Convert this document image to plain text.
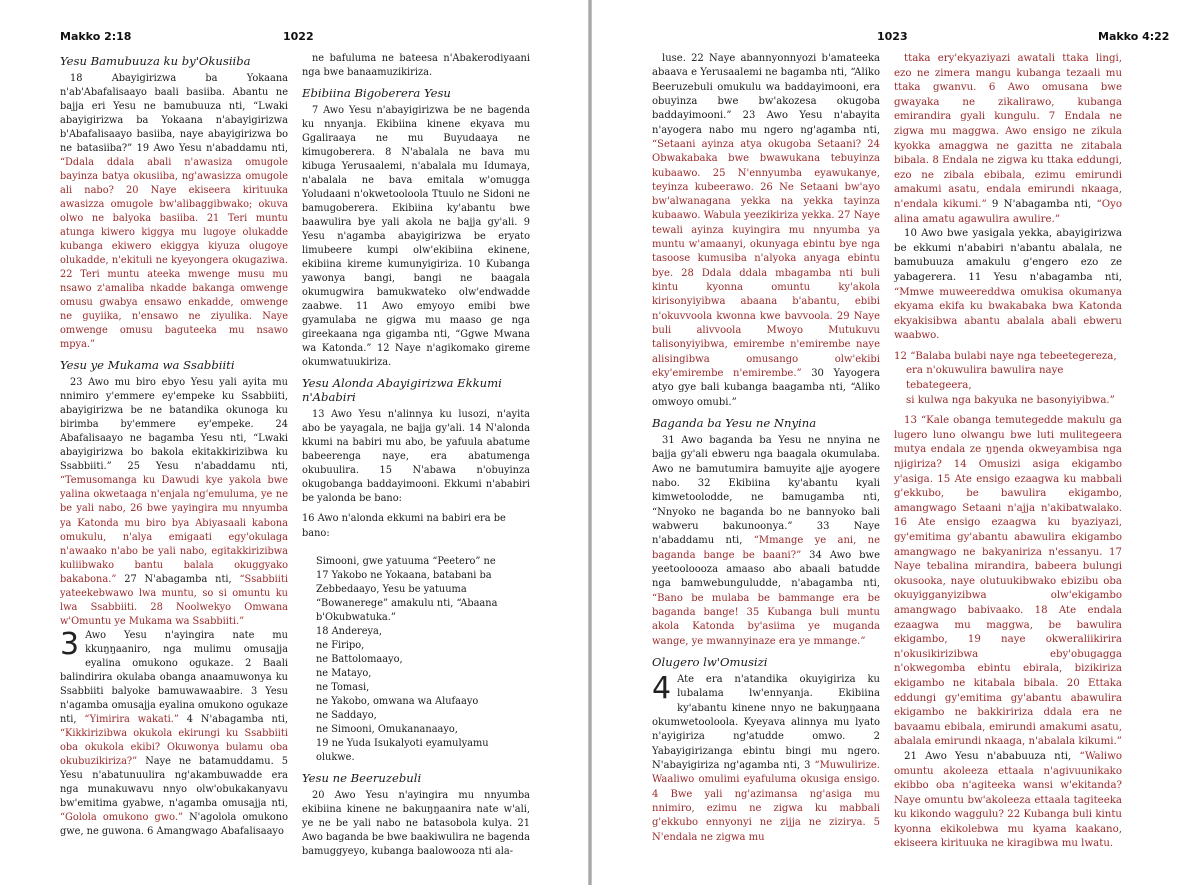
Makko 2:18	1022

Yesu Bamubuuza ku by'Okusiiba

18 Abayigirizwa ba Yokaana n'ab'Abafalisaayo baali basiiba. Abantu ne bajja eri Yesu ne bamubuuza nti, “Lwaki abayigirizwa ba Yokaana n'abayigirizwa b'Abafalisaayo basiiba, naye abayigirizwa bo ne batasiiba?” 19 Awo Yesu n'abaddamu nti, “Ddala ddala abali n'awasiza omugole bayinza batya okusiiba, ng'awasizza omugole ali nabo? 20 Naye ekiseera kirituuka awasizza omugole bw'alibaggibwako; okuva olwo ne balyoka basiiba. 21 Teri muntu atunga kiwero kiggya mu lugoye olukadde kubanga ekiwero ekiggya kiyuza olugoye olukadde, n'ekituli ne kyeyongera okugaziwa. 22 Teri muntu ateeka mwenge musu mu nsawo z'amaliba nkadde bakanga omwenge omusu gwabya ensawo enkadde, omwenge ne guyiika, n'ensawo ne ziyulika. Naye omwenge omusu baguteeka mu nsawo mpya.”

Yesu ye Mukama wa Ssabbiiti

23 Awo mu biro ebyo Yesu yali ayita mu nnimiro y'emmere ey'empeke ku Ssabbiiti, abayigirizwa be ne batandika okunoga ku birimba by'emmere ey'empeke. 24 Abafalisaayo ne bagamba Yesu nti, “Lwaki abayigirizwa bo bakola ekitakkirizibwa ku Ssabbiiti.” 25 Yesu n'abaddamu nti, “Temusomanga ku Dawudi kye yakola bwe yalina okwetaaga n'enjala ng'emuluma, ye ne be yali nabo, 26 bwe yayingira mu nnyumba ya Katonda mu biro bya Abiyasaali kabona omukulu, n'alya emigaati egy'okulaga n'awaako n'abo be yali nabo, egitakkirizibwa kuliibwako bantu balala okuggyako bakabona.” 27 N'abagamba nti, “Ssabbiiti yateekebwawo lwa muntu, so si omuntu ku lwa Ssabbiiti. 28 Noolwekyo Omwana w'Omuntu ye Mukama wa Ssabbiiti.”

3 Awo Yesu n'ayingira nate mu kkuŋŋaaniro, nga mulimu omusajja eyalina omukono ogukaze. 2 Baali balindirira okulaba obanga anaamuwonya ku Ssabbiiti balyoke bamuwawaabire. 3 Yesu n'agamba omusajja eyalina omukono ogukaze nti, “Yimirira wakati.” 4 N'abagamba nti, “Kikkirizibwa okukola ekirungi ku Ssabbiiti oba okukola ekibi? Okuwonya bulamu oba okubuzikiriza?” Naye ne batamuddamu. 5 Yesu n'abatunuulira ng'akambuwadde era nga munakuwavu nnyo olw'obukakanyavu bw'emitima gyabwe, n'agamba omusajja nti, “Golola omukono gwo.” N'agolola omukono gwe, ne guwona. 6 Amangwago Abafalisaayo

ne bafuluma ne bateesa n'Abakerodiyaani nga bwe banaamuzikiriza.

Ebibiina Bigoberera Yesu

7 Awo Yesu n'abayigirizwa be ne bagenda ku nnyanja. Ekibiina kinene ekyava mu Ggaliraaya ne mu Buyudaaya ne kimugoberera. 8 N'abalala ne bava mu kibuga Yerusaalemi, n'abalala mu Idumaya, n'abalala ne bava emitala w'omugga Yoludaani n'okwetooloola Ttuulo ne Sidoni ne bamugoberera. Ekibiina ky'abantu bwe baawulira bye yali akola ne bajja gy'ali. 9 Yesu n'agamba abayigirizwa be eryato limubeere kumpi olw'ekibiina ekinene, ekibiina kireme kumunyigiriza. 10 Kubanga yawonya bangi, bangi ne baagala okumugwira bamukwateko olw'endwadde zaabwe. 11 Awo emyoyo emibi bwe gyamulaba ne gigwa mu maaso ge nga gireekaana nga gigamba nti, “Ggwe Mwana wa Katonda.” 12 Naye n'agikomako gireme okumwatuukiriza.

Yesu Alonda Abayigirizwa Ekkumi n'Ababiri

13 Awo Yesu n'alinnya ku lusozi, n'ayita abo be yayagala, ne bajja gy'ali. 14 N'alonda kkumi na babiri mu abo, be yafuula abatume babeerenga naye, era abatumenga okubuulira. 15 N'abawa n'obuyinza okugobanga baddayimooni. Ekkumi n'ababiri be yalonda be bano:

16 Awo n'alonda ekkumi na babiri era be bano:

Simooni, gwe yatuuma “Peetero” ne
17 Yakobo ne Yokaana, batabani ba Zebbedaayo, Yesu be yatuuma “Bowanerege” amakulu nti, “Abaana b'Okubwatuka.”
18 Andereya,
ne Firipo,
ne Battolomaayo,
ne Matayo,
ne Tomasi,
ne Yakobo, omwana wa Alufaayo
ne Saddayo,
ne Simooni, Omukananaayo,
19 ne Yuda Isukalyoti eyamulyamu olukwe.

Yesu ne Beeruzebuli

20 Awo Yesu n'ayingira mu nnyumba ekibiina kinene ne bakuŋŋaanira nate w'ali, ye ne be yali nabo ne batasobola kulya. 21 Awo baganda be bwe baakiwulira ne bagenda bamuggyeyo, kubanga baalowooza nti ala-

1023	Makko 4:22

luse. 22 Naye abannyonnyozi b'amateeka abaava e Yerusaalemi ne bagamba nti, “Aliko Beeruzebuli omukulu wa baddayimooni, era obuyinza bwe bw'akozesa okugoba baddayimooni.” 23 Awo Yesu n'abayita n'ayogera nabo mu ngero ng'agamba nti, “Setaani ayinza atya okugoba Setaani? 24 Obwakabaka bwe bwawukana tebuyinza kubaawo. 25 N'ennyumba eyawukanye, teyinza kubeerawo. 26 Ne Setaani bw'ayo bw'alwanagana yekka na yekka tayinza kubaawo. Wabula yeezikiriza yekka. 27 Naye tewali ayinza kuyingira mu nnyumba ya muntu w'amaanyi, okunyaga ebintu bye nga tasoose kumusiba n'alyoka anyaga ebintu bye. 28 Ddala ddala mbagamba nti buli kintu kyonna omuntu ky'akola kirisonyiyibwa abaana b'abantu, ebibi n'okuvvoola kwonna kwe bavvoola. 29 Naye buli alivvoola Mwoyo Mutukuvu talisonyiyibwa, emirembe n'emirembe naye alisingibwa omusango olw'ekibi eky'emirembe n'emirembe.” 30 Yayogera atyo gye bali kubanga baagamba nti, “Aliko omwoyo omubi.”

Baganda ba Yesu ne Nnyina

31 Awo baganda ba Yesu ne nnyina ne bajja gy'ali ebweru nga baagala okumulaba. Awo ne bamutumira bamuyite ajje ayogere nabo. 32 Ekibiina ky'abantu kyali kimwetoolodde, ne bamugamba nti, “Nnyoko ne baganda bo ne bannyoko bali wabweru bakunoonya.” 33 Naye n'abaddamu nti, “Mmange ye ani, ne baganda bange be baani?” 34 Awo bwe yeetooloooza amaaso abo abaali batudde nga bamwebunguludde, n'abagamba nti, “Bano be mulaba be bammange era be baganda bange! 35 Kubanga buli muntu akola Katonda by'asiima ye muganda wange, ye mwannyinaze era ye mmange.”

Olugero lw'Omusizi

4 Ate era n'atandika okuyigiriza ku lubalama lw'ennyanja. Ekibiina ky'abantu kinene nnyo ne bakuŋŋaana okumwetooloola. Kyeyava alinnya mu lyato n'ayigiriza ng'atudde omwo. 2 Yabayigirizanga ebintu bingi mu ngero. N'abayigiriza ng'agamba nti, 3 “Muwulirize. Waaliwo omulimi eyafuluma okusiga ensigo. 4 Bwe yali ng'azimansa ng'asiga mu nnimiro, ezimu ne zigwa ku mabbali g'ekkubo ennyonyi ne zijja ne zizirya. 5 N'endala ne zigwa mu

ttaka ery'ekyaziyazi awatali ttaka lingi, ezo ne zimera mangu kubanga tezaali mu ttaka gwanvu. 6 Awo omusana bwe gwayaka ne zikalirawo, kubanga emirandira gyali kungulu. 7 Endala ne zigwa mu maggwa. Awo ensigo ne zikula kyokka amaggwa ne gazitta ne zitabala bibala. 8 Endala ne zigwa ku ttaka eddungi, ezo ne zibala ebibala, ezimu emirundi amakumi asatu, endala emirundi nkaaga, n'endala kikumi.” 9 N'abagamba nti, “Oyo alina amatu agawulira awulire.”

10 Awo bwe yasigala yekka, abayigirizwa be ekkumi n'ababiri n'abantu abalala, ne bamubuuza amakulu g'engero ezo ze yabagerera. 11 Yesu n'abagamba nti, “Mmwe muweereddwa omukisa okumanya ekyama ekifa ku bwakabaka bwa Katonda ekyakisibwa abantu abalala abali ebweru waabwo.

12 “Balaba bulabi naye nga tebeetegereza,
era n'okuwulira bawulira naye tebategeera,
si kulwa nga bakyuka ne basonyiyibwa.”

13 “Kale obanga temutegedde makulu ga lugero luno olwangu bwe luti mulitegeera mutya endala ze ŋŋenda okweyambisa nga njigiriza? 14 Omusizi asiga ekigambo y'asiga. 15 Ate ensigo ezaagwa ku mabbali g'ekkubo, be bawulira ekigambo, amangwago Setaani n'ajja n'akibatwalako. 16 Ate ensigo ezaagwa ku byaziyazi, gy'emitima gy'abantu abawulira ekigambo amangwago ne bakyaniriza n'essanyu. 17 Naye tebalina mirandira, babeera bulungi okusooka, naye olutuukibwako ebizibu oba okuyigganyizibwa olw'ekigambo amangwago babivaako. 18 Ate endala ezaagwa mu maggwa, be bawulira ekigambo, 19 naye okweraliikirira n'okusikirizibwa eby'obugagga n'okwegomba ebintu ebirala, bizikiriza ekigambo ne kitabala bibala. 20 Ettaka eddungi gy'emitima gy'abantu abawulira ekigambo ne bakkiririza ddala era ne bavaamu ebibala, emirundi amakumi asatu, abalala emirundi nkaaga, n'abalala kikumi.”

21 Awo Yesu n'ababuuza nti, “Waliwo omuntu akoleeza ettaala n'agivuunikako ekibbo oba n'agiteeka wansi w'ekitanda? Naye omuntu bw'akoleeza ettaala tagiteeka ku kikondo waggulu? 22 Kubanga buli kintu kyonna ekikolebwa mu kyama kaakano, ekiseera kirituuka ne kiragibwa mu lwatu.
